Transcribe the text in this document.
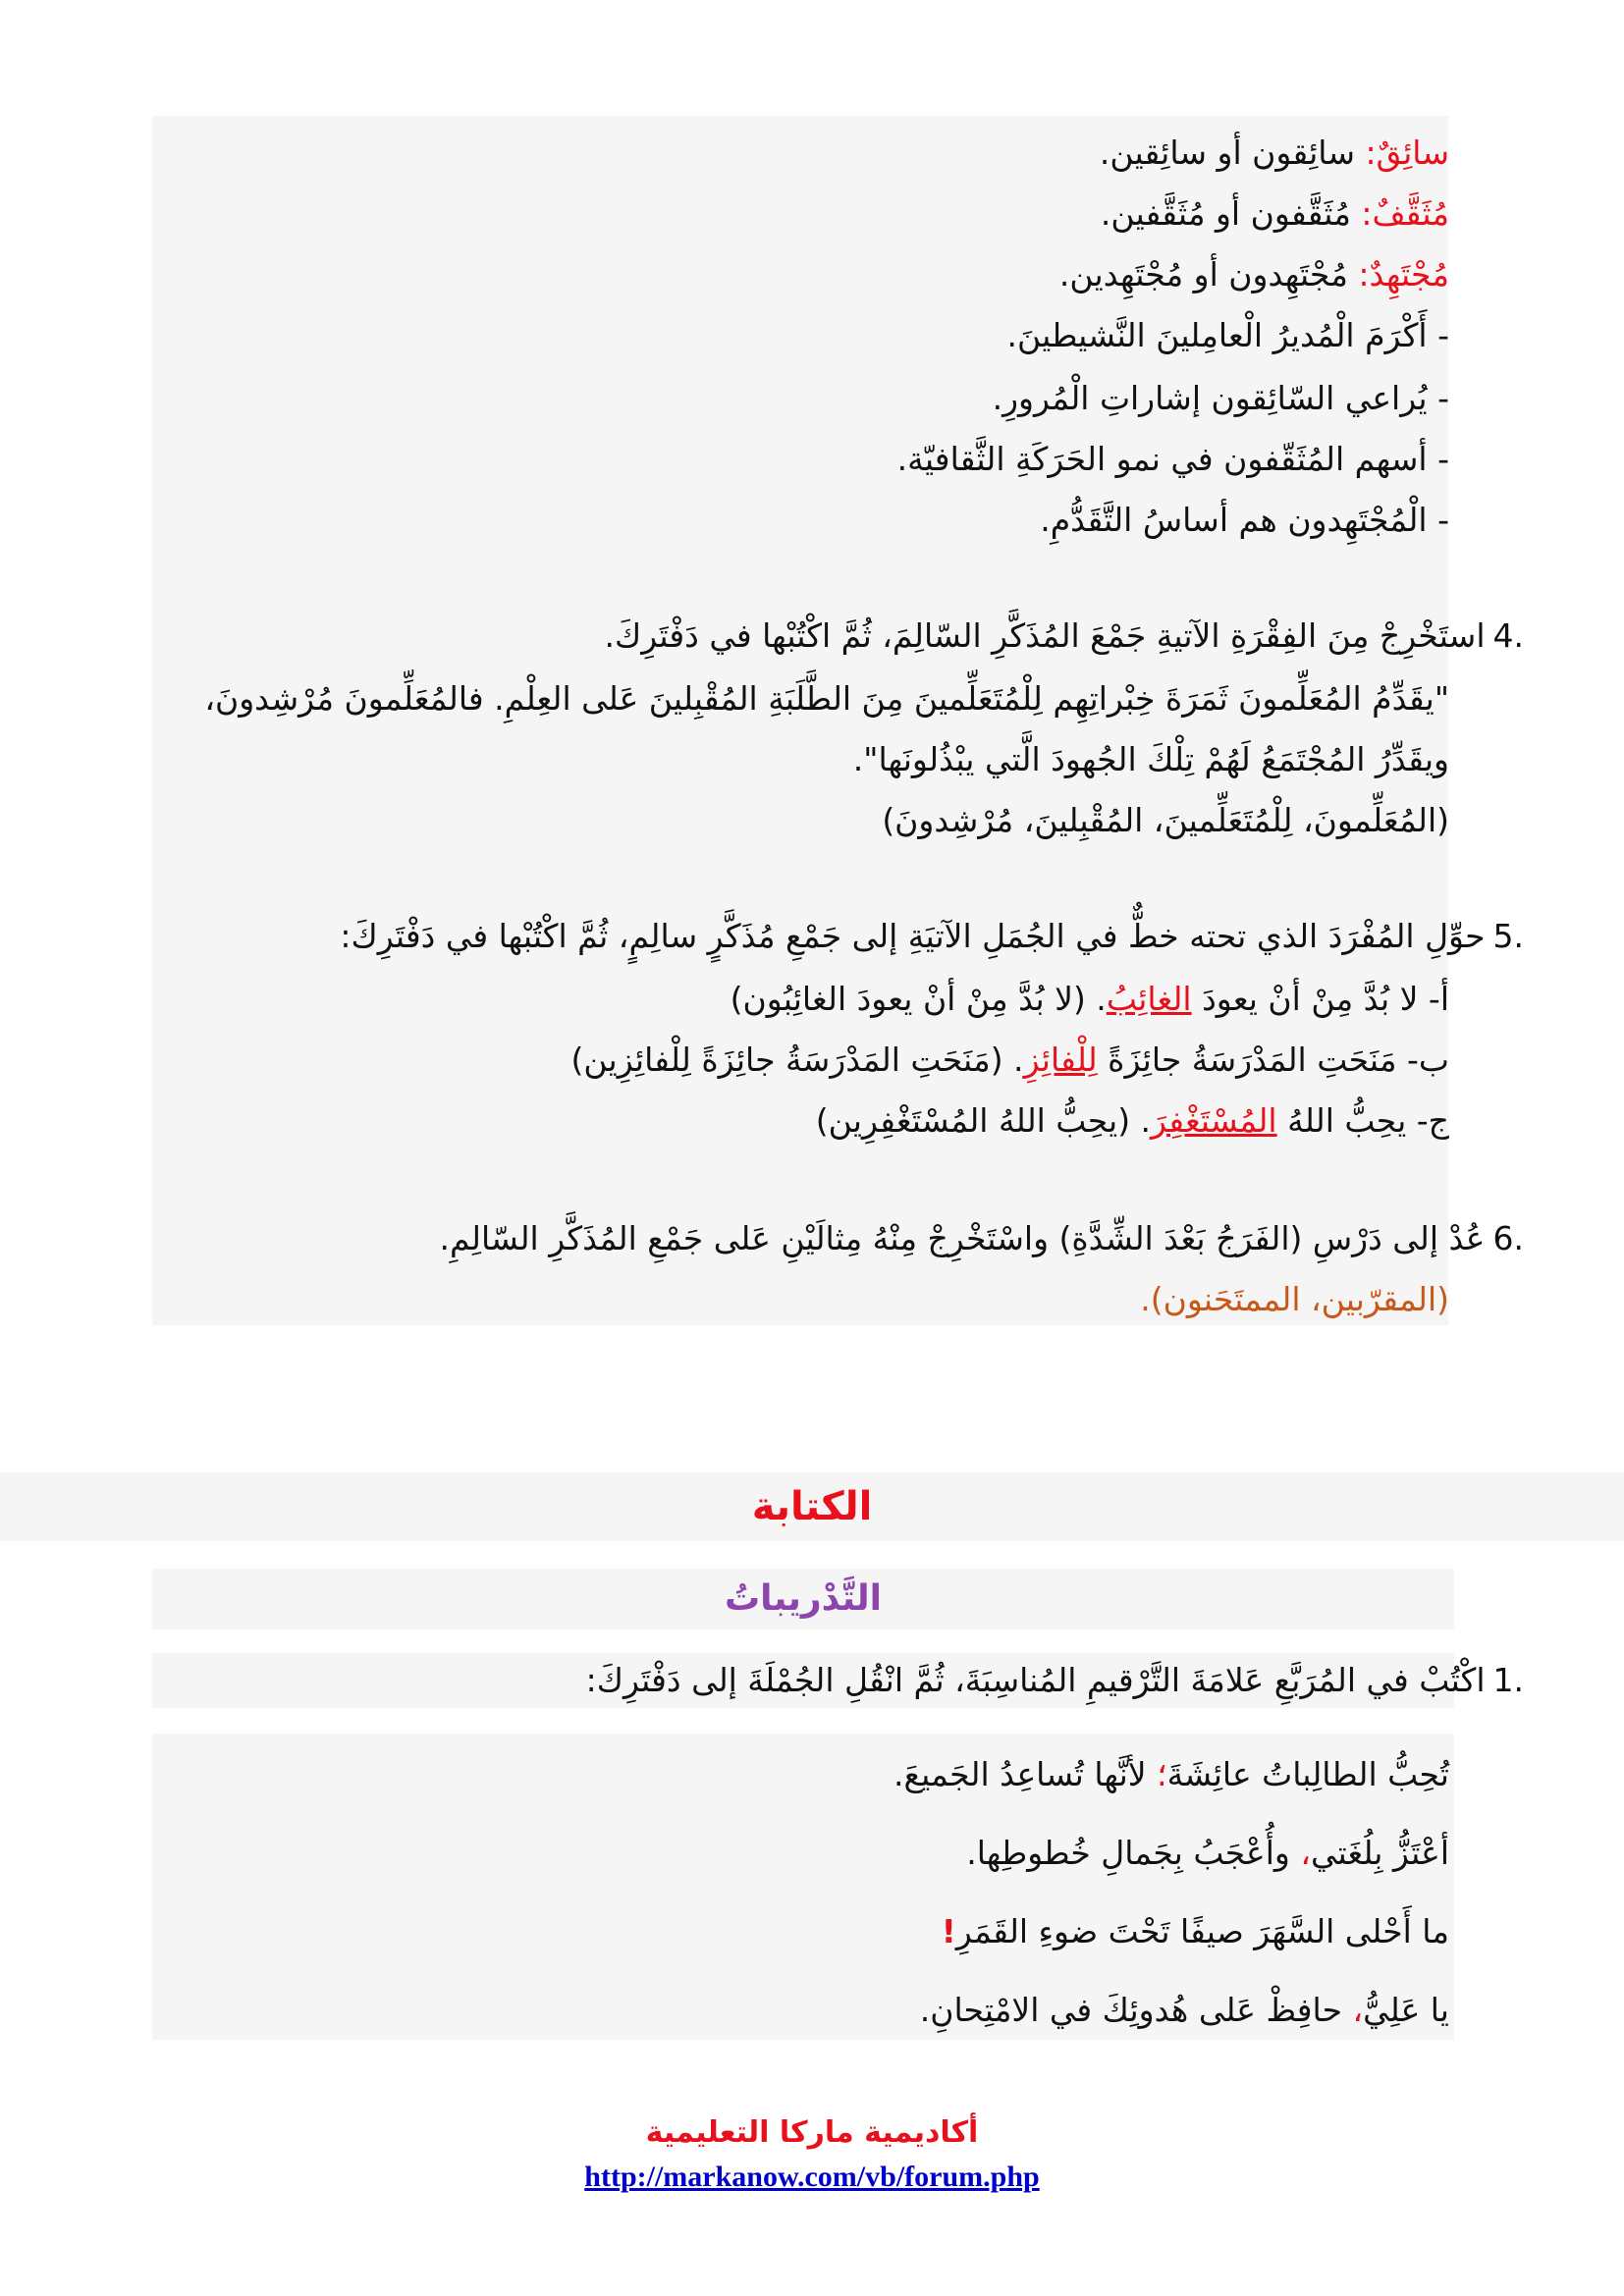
سائِقٌ: سائِقون أو سائِقين.
مُثَقَّفٌ: مُثَقَّفون أو مُثَقَّفين.
مُجْتَهِدٌ: مُجْتَهِدون أو مُجْتَهِدين.
- أَكْرَمَ الْمُديرُ الْعامِلينَ النَّشيطينَ.
- يُراعي السّائِقون إشاراتِ الْمُرورِ.
- أسهم المُثَقّفون في نمو الحَرَكَةِ الثَّقافيّة.
- الْمُجْتَهِدون هم أساسُ التَّقَدُّمِ.
4.استَخْرِجْ مِنَ الفِقْرَةِ الآتيةِ جَمْعَ المُذَكَّرِ السّالِمَ، ثُمَّ اكْتُبْها في دَفْتَرِكَ.
"يقَدِّمُ المُعَلِّمونَ ثَمَرَةَ خِبْراتِهِم لِلْمُتَعَلِّمينَ مِنَ الطَّلَبَةِ المُقْبِلينَ عَلى العِلْمِ. فالمُعَلِّمونَ مُرْشِدونَ،
ويقَدِّرُ المُجْتَمَعُ لَهُمْ تِلْكَ الجُهودَ الَّتي يبْذُلونَها".
(المُعَلِّمونَ، لِلْمُتَعَلِّمينَ، المُقْبِلينَ، مُرْشِدونَ)
5.حوِّلِ المُفْرَدَ الذي تحته خطٌّ في الجُمَلِ الآتيَةِ إلى جَمْعِ مُذَكَّرٍ سالِمٍ، ثُمَّ اكْتُبْها في دَفْتَرِكَ:
أ- لا بُدَّ مِنْ أنْ يعودَ الغائِبُ. (لا بُدَّ مِنْ أنْ يعودَ الغائِبُون)
ب- مَنَحَتِ المَدْرَسَةُ جائِزَةً لِلْفائِزِ. (مَنَحَتِ المَدْرَسَةُ جائِزَةً لِلْفائِزِين)
ج- يحِبُّ اللهُ المُسْتَغْفِرَ. (يحِبُّ اللهُ المُسْتَغْفِرِين)
6.عُدْ إلى دَرْسِ (الفَرَجُ بَعْدَ الشِّدَّةِ) واسْتَخْرِجْ مِنْهُ مِثالَيْنِ عَلى جَمْعِ المُذَكَّرِ السّالِمِ.
(المقرّبين، الممتَحَنون).
الكتابة
التَّدْريباتُ
1.اكْتُبْ في المُرَبَّعِ عَلامَةَ التَّرْقيمِ المُناسِبَةَ، ثُمَّ انْقُلِ الجُمْلَةَ إلى دَفْتَرِكَ:
تُحِبُّ الطالِباتُ عائِشَةَ؛ لأنَّها تُساعِدُ الجَميعَ.
أعْتَزُّ بِلُغَتي، وأُعْجَبُ بِجَمالِ خُطوطِها.
ما أَحْلى السَّهَرَ صيفًا تَحْتَ ضوءِ القَمَرِ!
يا عَلِيُّ، حافِظْ عَلى هُدوئِكَ في الامْتِحانِ.
أكاديمية ماركا التعليمية
http://markanow.com/vb/forum.php
